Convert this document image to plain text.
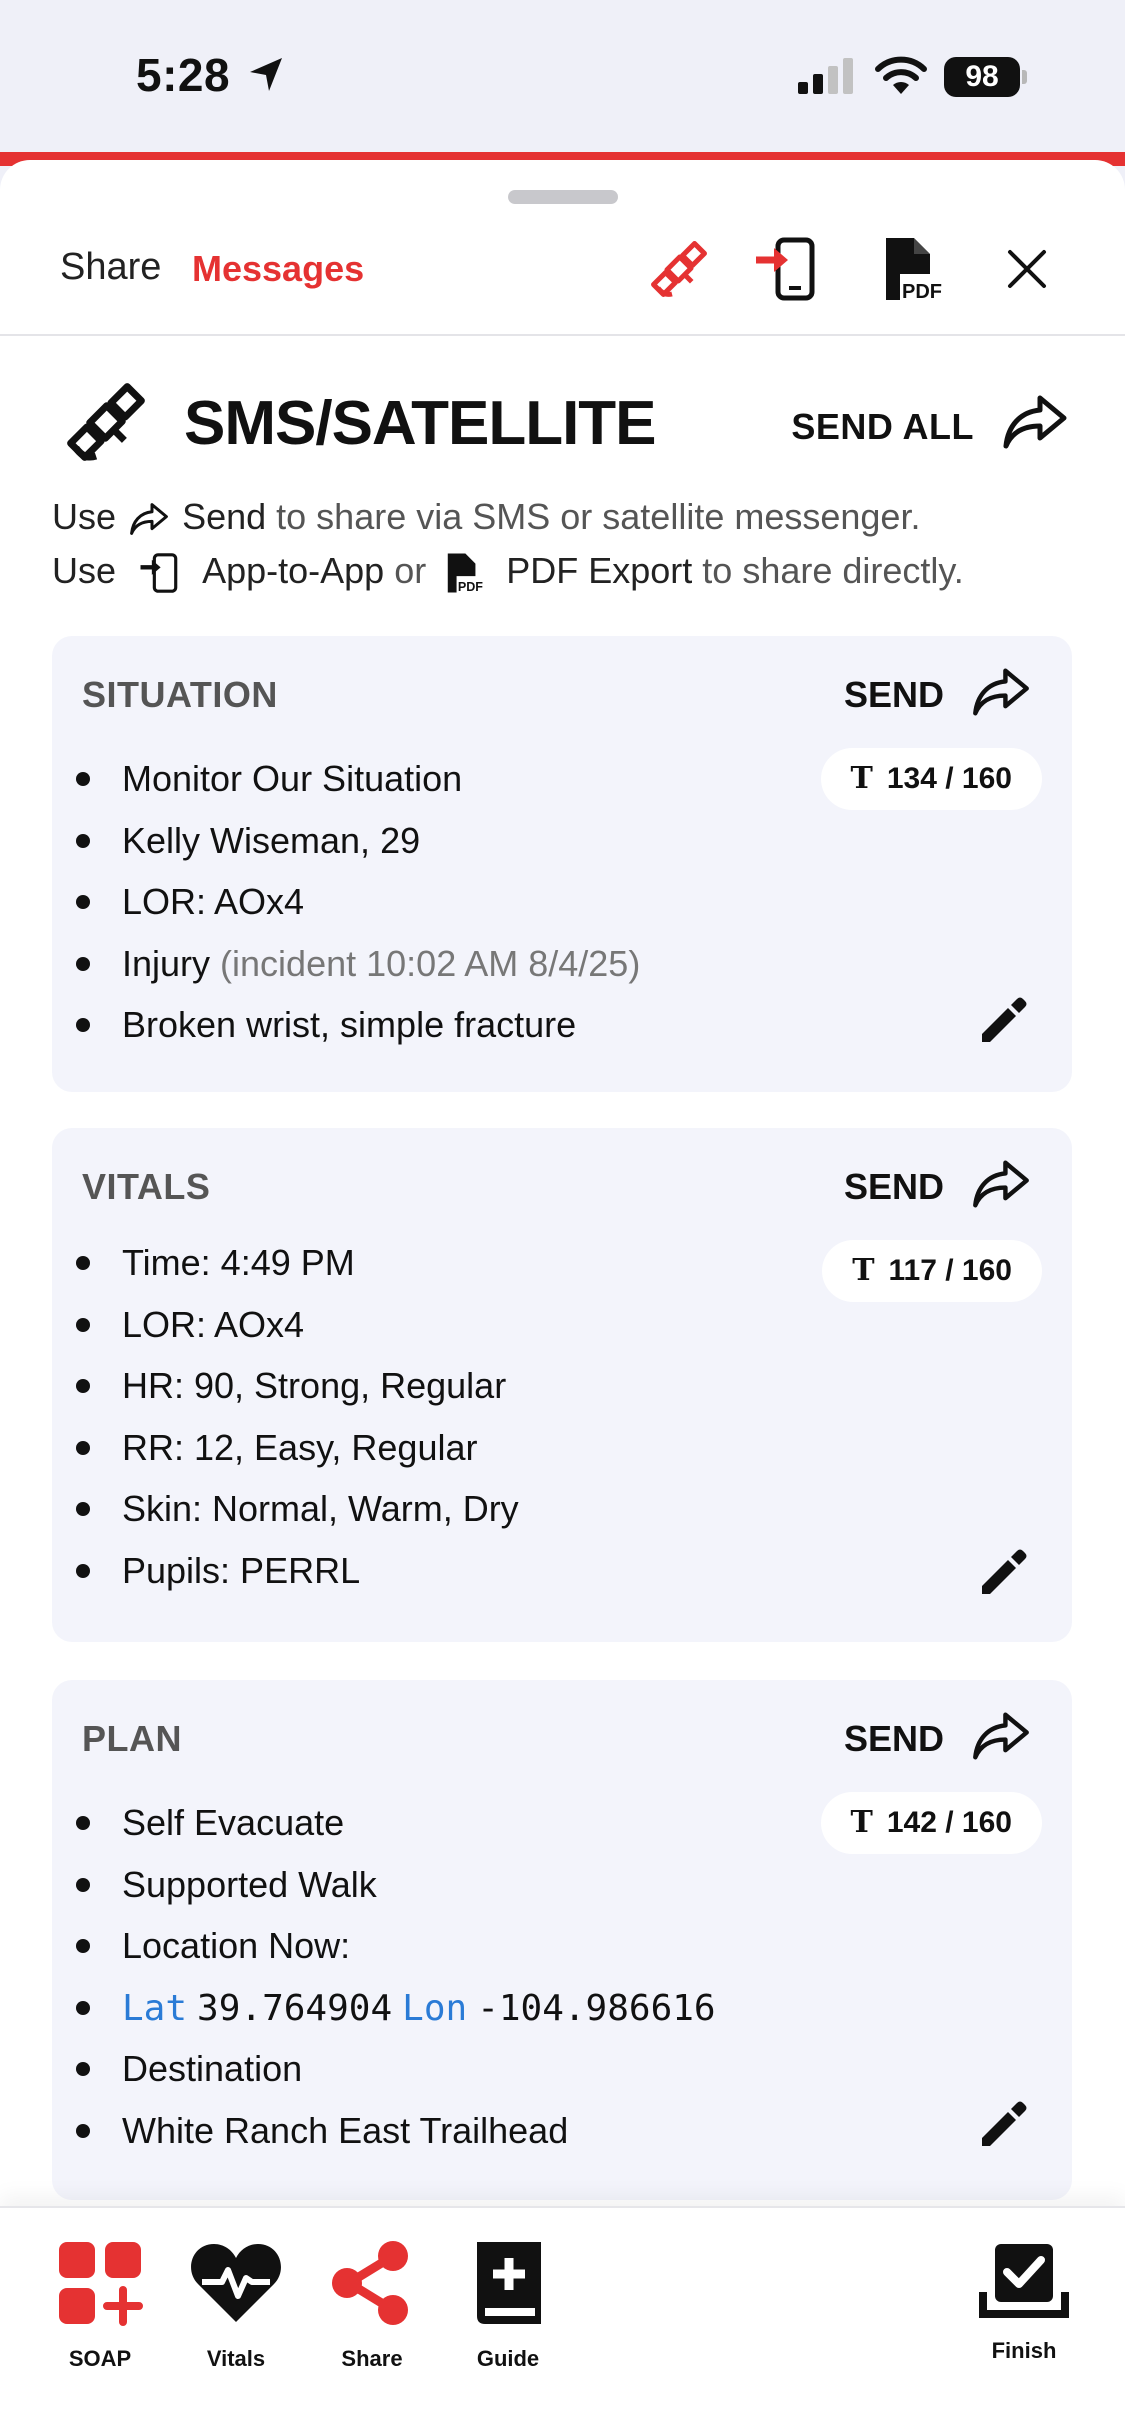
5:28	98
Share Messages
PDF
SMS/SATELLITE	SEND ALL
Use Send to share via SMS or satellite messenger.
Use App-to-App or PDF PDF Export to share directly.
SITUATION	SEND
T 134 / 160
Monitor Our Situation
Kelly Wiseman, 29
LOR: AOx4
Injury (incident 10:02 AM 8/4/25)
Broken wrist, simple fracture
VITALS	SEND
T 117 / 160
Time: 4:49 PM
LOR: AOx4
HR: 90, Strong, Regular
RR: 12, Easy, Regular
Skin: Normal, Warm, Dry
Pupils: PERRL
PLAN	SEND
T 142 / 160
Self Evacuate
Supported Walk
Location Now:
Lat 39.764904 Lon -104.986616
Destination
White Ranch East Trailhead
SOAP	Vitals	Share	Guide	Finish
